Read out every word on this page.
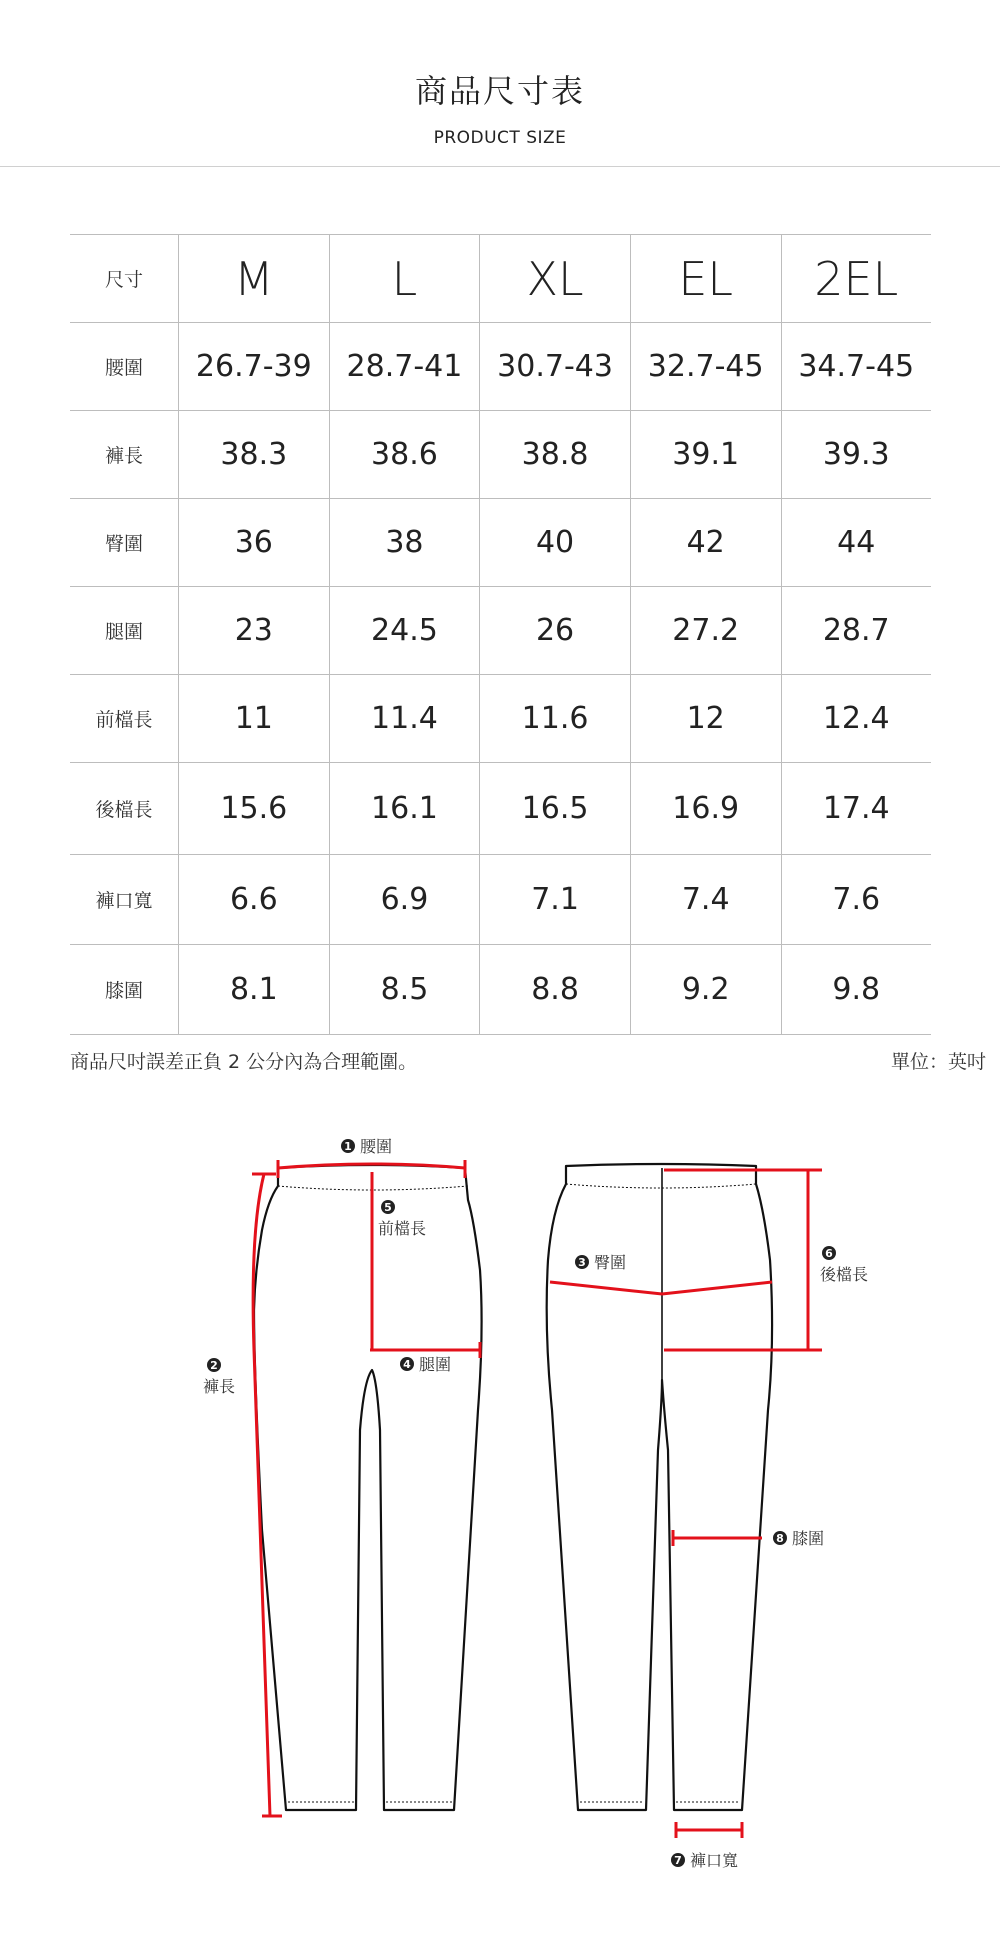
商品尺寸表
PRODUCT SIZE
尺寸	M	L	XL	EL	2EL
腰圍	26.7-39	28.7-41	30.7-43	32.7-45	34.7-45
褲長	38.3	38.6	38.8	39.1	39.3
臀圍	36	38	40	42	44
腿圍	23	24.5	26	27.2	28.7
前檔長	11	11.4	11.6	12	12.4
後檔長	15.6	16.1	16.5	16.9	17.4
褲口寬	6.6	6.9	7.1	7.4	7.6
膝圍	8.1	8.5	8.8	9.2	9.8
商品尺吋誤差正負 2 公分內為合理範圍。	單位：英吋
1 腰圍
5
前檔長
4 腿圍
2
褲長
3 臀圍	6
後檔長
8 膝圍
7 褲口寬
